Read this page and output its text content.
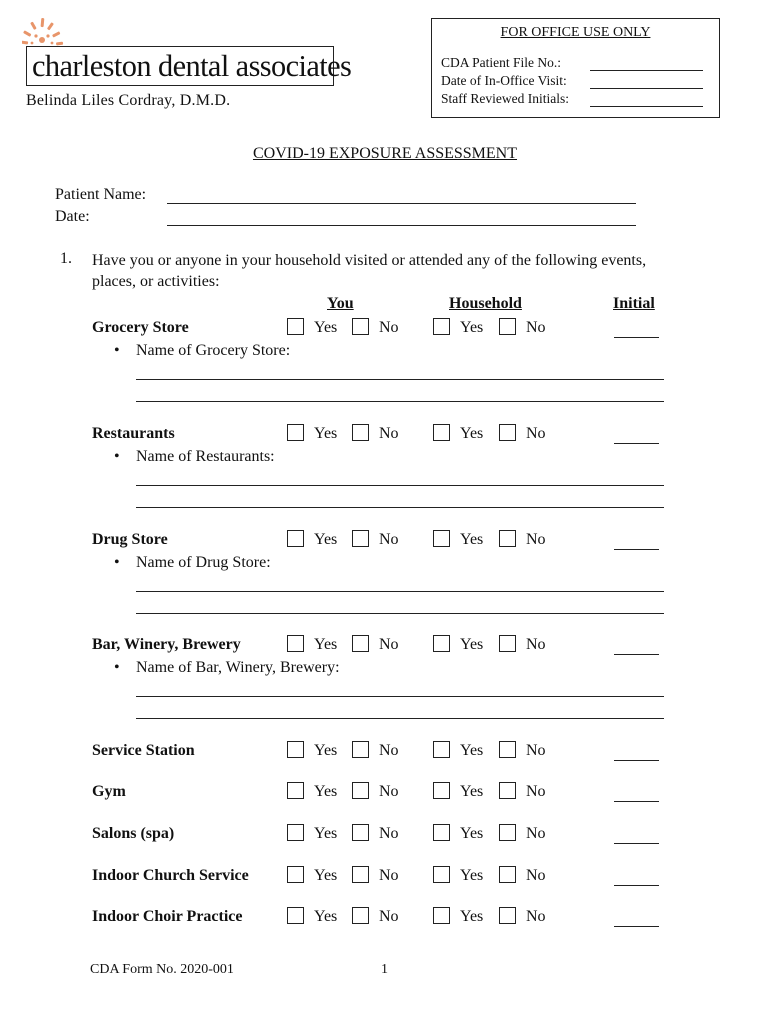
charleston dental associates
Belinda Liles Cordray, D.M.D.
FOR OFFICE USE ONLY
CDA Patient File No.:
Date of In-Office Visit:
Staff Reviewed Initials:
COVID-19 EXPOSURE ASSESSMENT
Patient Name:
Date:
1. Have you or anyone in your household visited or attended any of the following events, places, or activities:
You	Household	Initial
Grocery Store	Yes	No	Yes	No
• Name of Grocery Store:
Restaurants	Yes	No	Yes	No
• Name of Restaurants:
Drug Store	Yes	No	Yes	No
• Name of Drug Store:
Bar, Winery, Brewery	Yes	No	Yes	No
• Name of Bar, Winery, Brewery:
Service Station	Yes	No	Yes	No
Gym	Yes	No	Yes	No
Salons (spa)	Yes	No	Yes	No
Indoor Church Service	Yes	No	Yes	No
Indoor Choir Practice	Yes	No	Yes	No
CDA Form No. 2020-001	1
